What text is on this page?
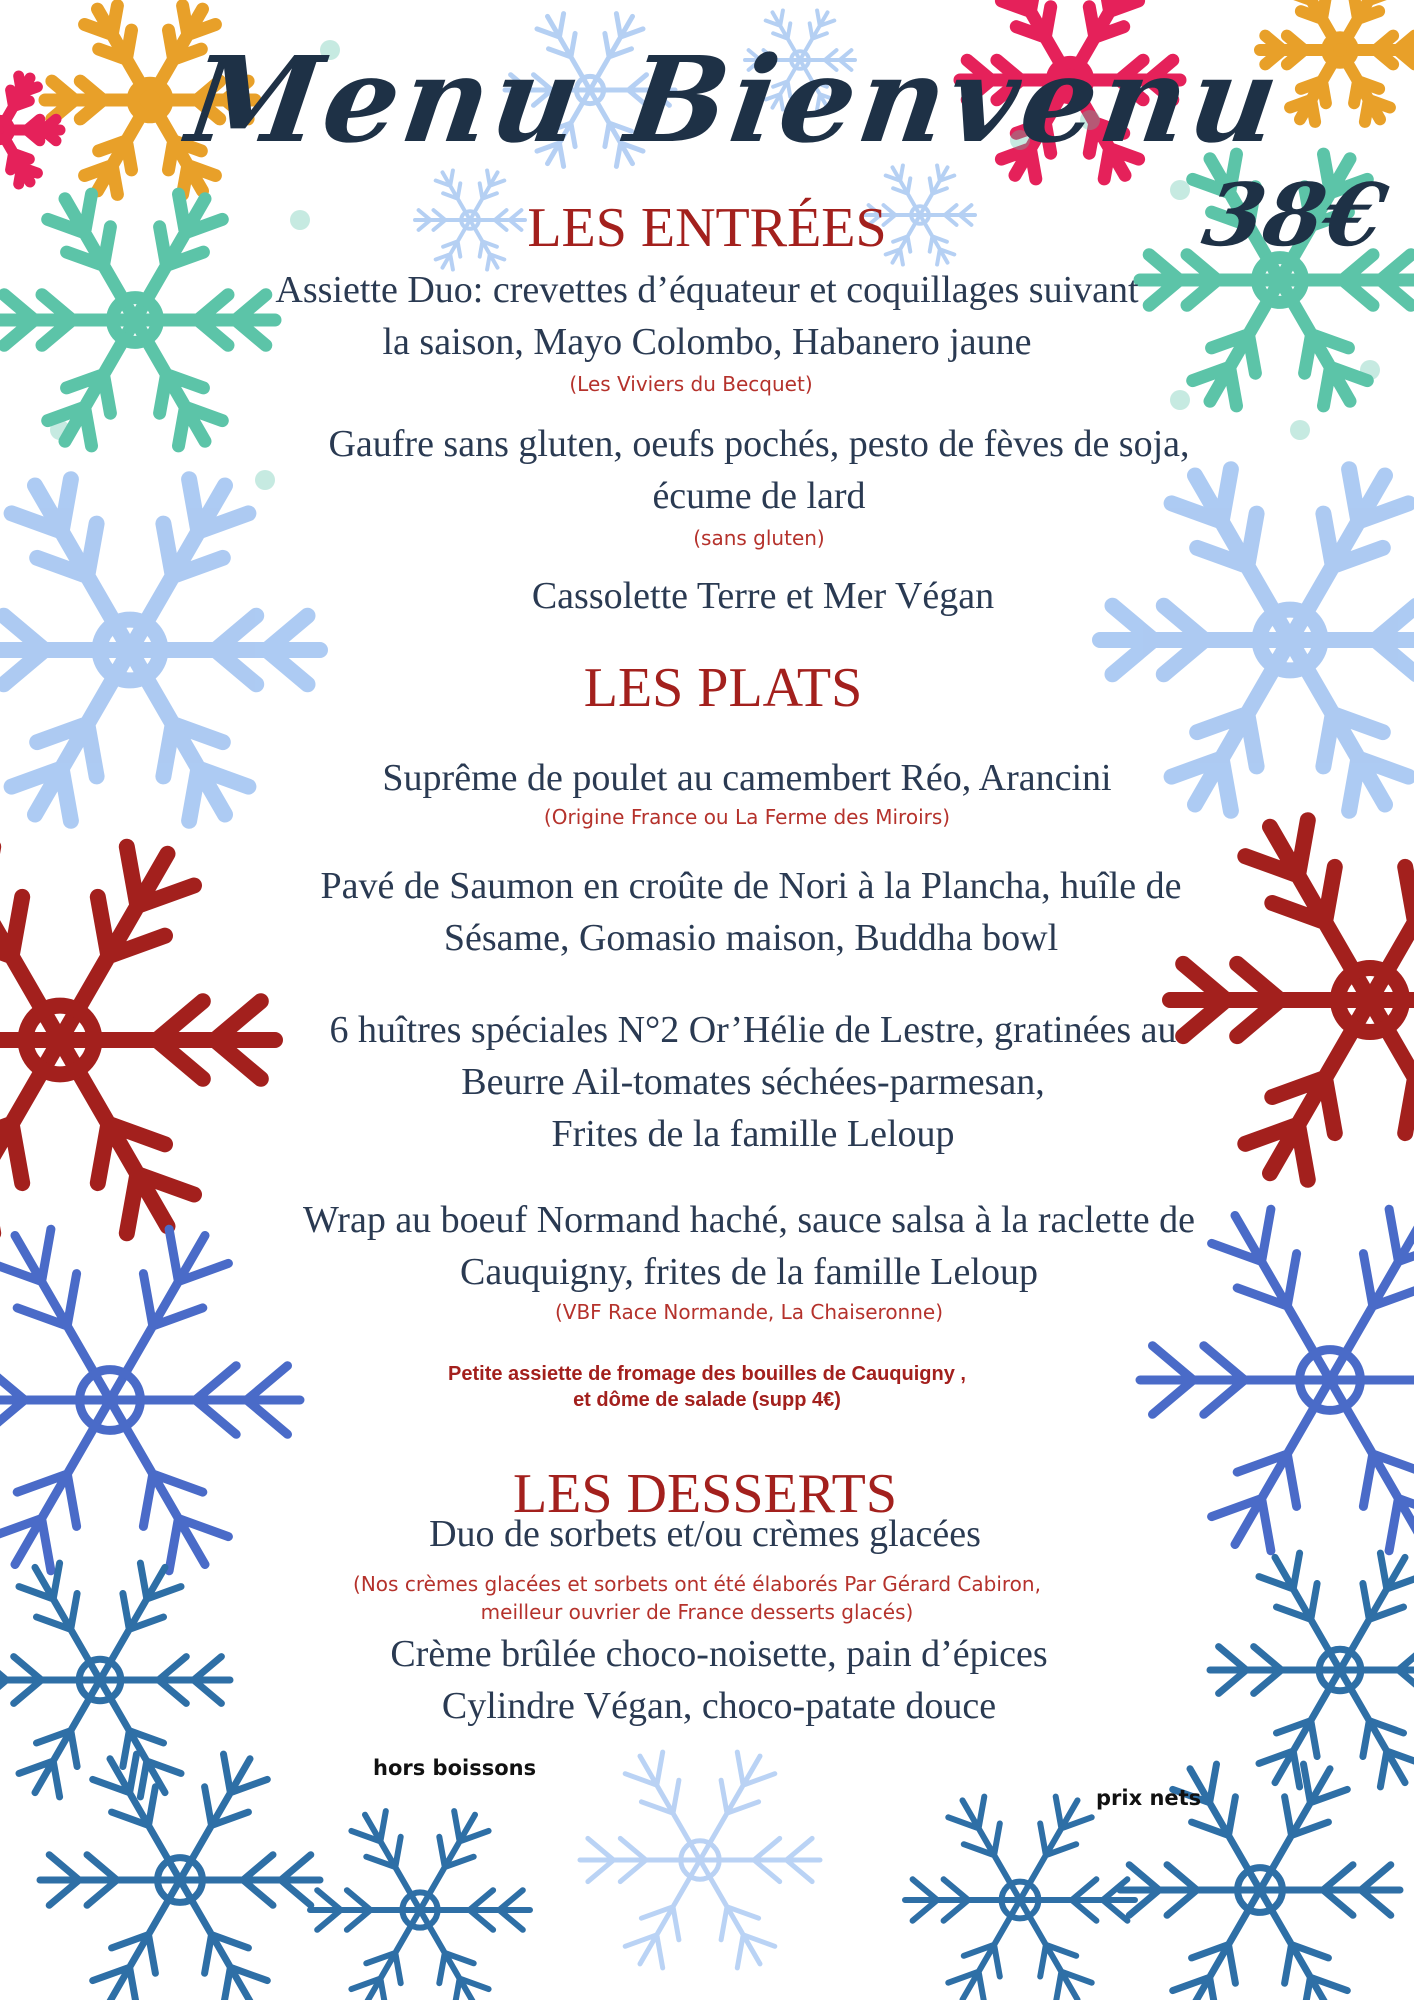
Menu Bienvenu
38€
LES ENTRÉES
Assiette Duo: crevettes d’équateur et coquillages suivant
la saison, Mayo Colombo, Habanero jaune
(Les Viviers du Becquet)
Gaufre sans gluten, oeufs pochés, pesto de fèves de soja,
écume de lard
(sans gluten)
Cassolette Terre et Mer Végan
LES PLATS
Suprême de poulet au camembert Réo, Arancini
(Origine France ou La Ferme des Miroirs)
Pavé de Saumon en croûte de Nori à la Plancha, huîle de
Sésame, Gomasio maison, Buddha bowl
6 huîtres spéciales N°2 Or’Hélie de Lestre, gratinées au
Beurre Ail-tomates séchées-parmesan,
Frites de la famille Leloup
Wrap au boeuf Normand haché, sauce salsa à la raclette de
Cauquigny, frites de la famille Leloup
(VBF Race Normande, La Chaiseronne)
Petite assiette de fromage des bouilles de Cauquigny ,
et dôme de salade (supp 4€)
LES DESSERTS
Duo de sorbets et/ou crèmes glacées
(Nos crèmes glacées et sorbets ont été élaborés Par Gérard Cabiron,
meilleur ouvrier de France desserts glacés)
Crème brûlée choco-noisette, pain d’épices
Cylindre Végan, choco-patate douce
hors boissons
prix nets
